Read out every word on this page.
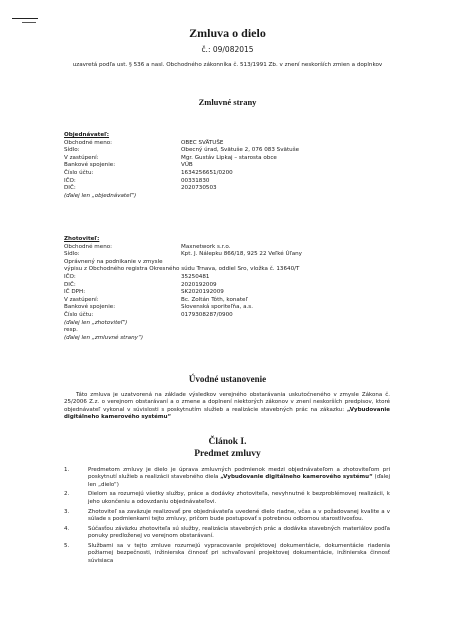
Zmluva o dielo
č.: 09/082015
uzavretá podľa ust. § 536 a nasl. Obchodného zákonníka č. 513/1991 Zb. v znení neskorších zmien a doplnkov
Zmluvné strany
Objednávateľ:
Obchodné meno:	OBEC SVÄTUŠE
Sídlo:	Obecný úrad, Svätuše 2, 076 083 Svätuše
V zastúpení:	Mgr. Gustáv Lipkaj – starosta obce
Bankové spojenie:	VÚB
Číslo účtu:	1634256651/0200
IČO:	00331830
DIČ:	2020730503
(ďalej len „objednávateľ“)
Zhotoviteľ:
Obchodné meno:	Maxnetwork s.r.o.
Sídlo:	Kpt. J. Nálepku 866/18, 925 22 Veľké Úľany
Oprávnený na podnikanie v zmysle
výpisu z Obchodného registra Okresného súdu Trnava, oddiel Sro, vložka č. 13640/T
IČO:	35250481
DIČ:	2020192009
IČ DPH:	SK2020192009
V zastúpení:	Bc. Zoltán Tóth, konateľ
Bankové spojenie:	Slovenská sporiteľňa, a.s.
Číslo účtu:	0179308287/0900
(ďalej len „zhotoviteľ“)
resp.
(ďalej len „zmluvné strany“)
Úvodné ustanovenie
Táto zmluva je uzatvorená na základe výsledkov verejného obstarávania uskutočneného v zmysle Zákona č. 25/2006 Z.z. o verejnom obstarávaní a o zmene a doplnení niektorých zákonov v znení neskorších predpisov, ktoré objednávateľ vykonal v súvislosti s poskytnutím služieb a realizácie stavebných prác na zákazku: „Vybudovanie digitálneho kamerového systému“
Článok I.
Predmet zmluvy
1.	Predmetom zmluvy je dielo je úprava zmluvných podmienok medzi objednávateľom a zhotoviteľom pri poskytnutí služieb a realizácii stavebného diela „Vybudovanie digitálneho kamerového systému“ (ďalej len „dielo“)
2.	Dielom sa rozumejú všetky služby, práce a dodávky zhotoviteľa, nevyhnutné k bezproblémovej realizácii, k jeho ukončeniu a odovzdaniu objednávateľovi.
3.	Zhotoviteľ sa zaväzuje realizovať pre objednávateľa uvedené dielo riadne, včas a v požadovanej kvalite a v súlade s podmienkami tejto zmluvy, pričom bude postupovať s potrebnou odbornou starostlivosťou.
4.	Súčasťou záväzku zhotoviteľa sú služby, realizácia stavebných prác a dodávka stavebných materiálov podľa ponuky predloženej vo verejnom obstarávaní.
5.	Službami sa v tejto zmluve rozumejú vypracovanie projektovej dokumentácie, dokumentácie riadenia požiarnej bezpečnosti, inžinierska činnosť pri schvaľovaní projektovej dokumentácie, inžinierska činnosť súvisiaca
